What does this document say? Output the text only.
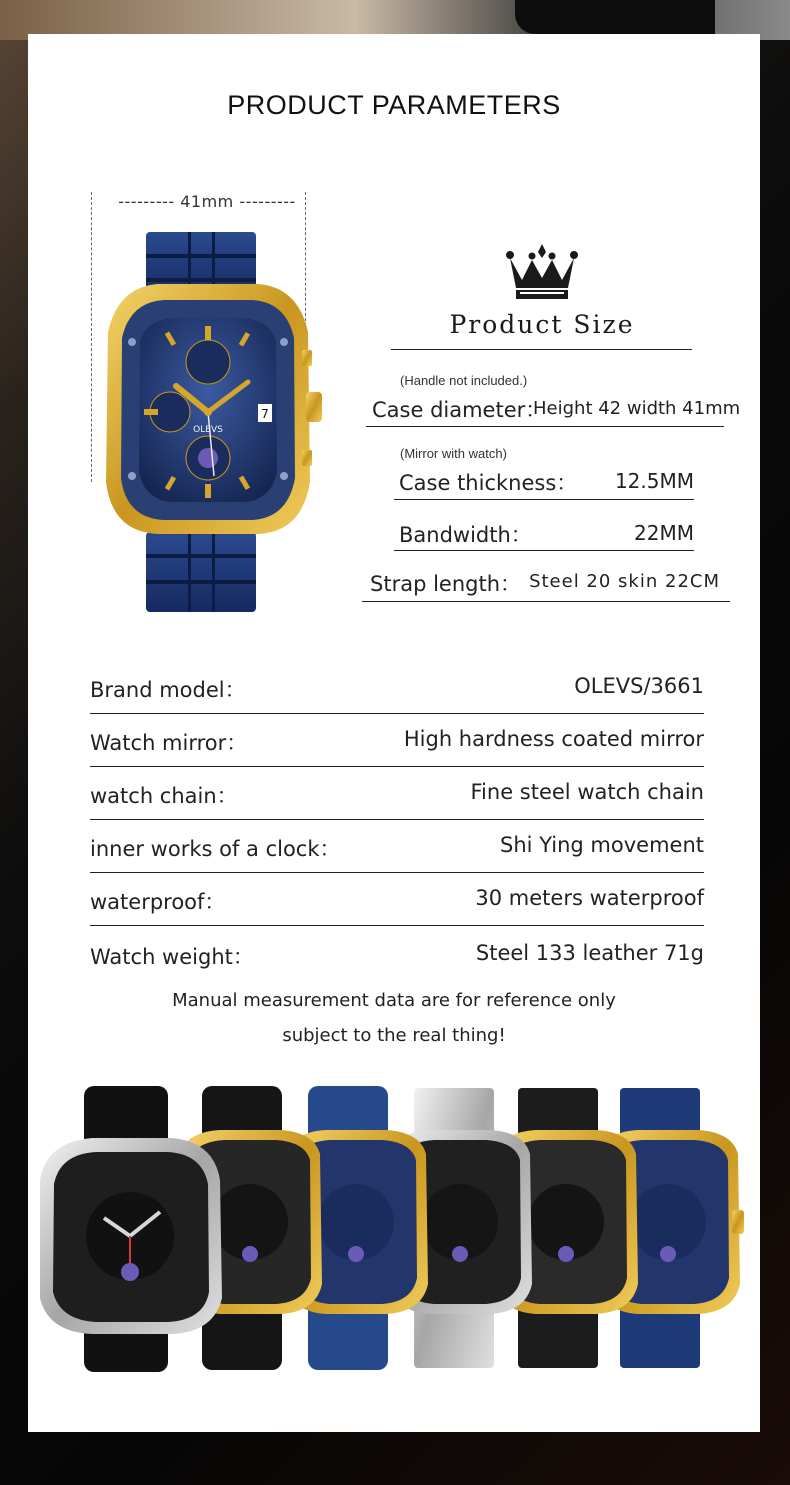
PRODUCT PARAMETERS
--------- 41mm ---------
7
OLEVS
Product Size
(Handle not included.)
Case diameter：
Height 42 width 41mm
(Mirror with watch)
Case thickness： 12.5MM
Bandwidth：	22MM
Strap length： Steel 20 skin 22CM
Brand model：	OLEVS/3661
Watch mirror：	High hardness coated mirror
watch chain：	Fine steel watch chain
inner works of a clock：	Shi Ying movement
waterproof：	30 meters waterproof
Watch weight：	Steel 133 leather 71g
Manual measurement data are for reference only
subject to the real thing!
